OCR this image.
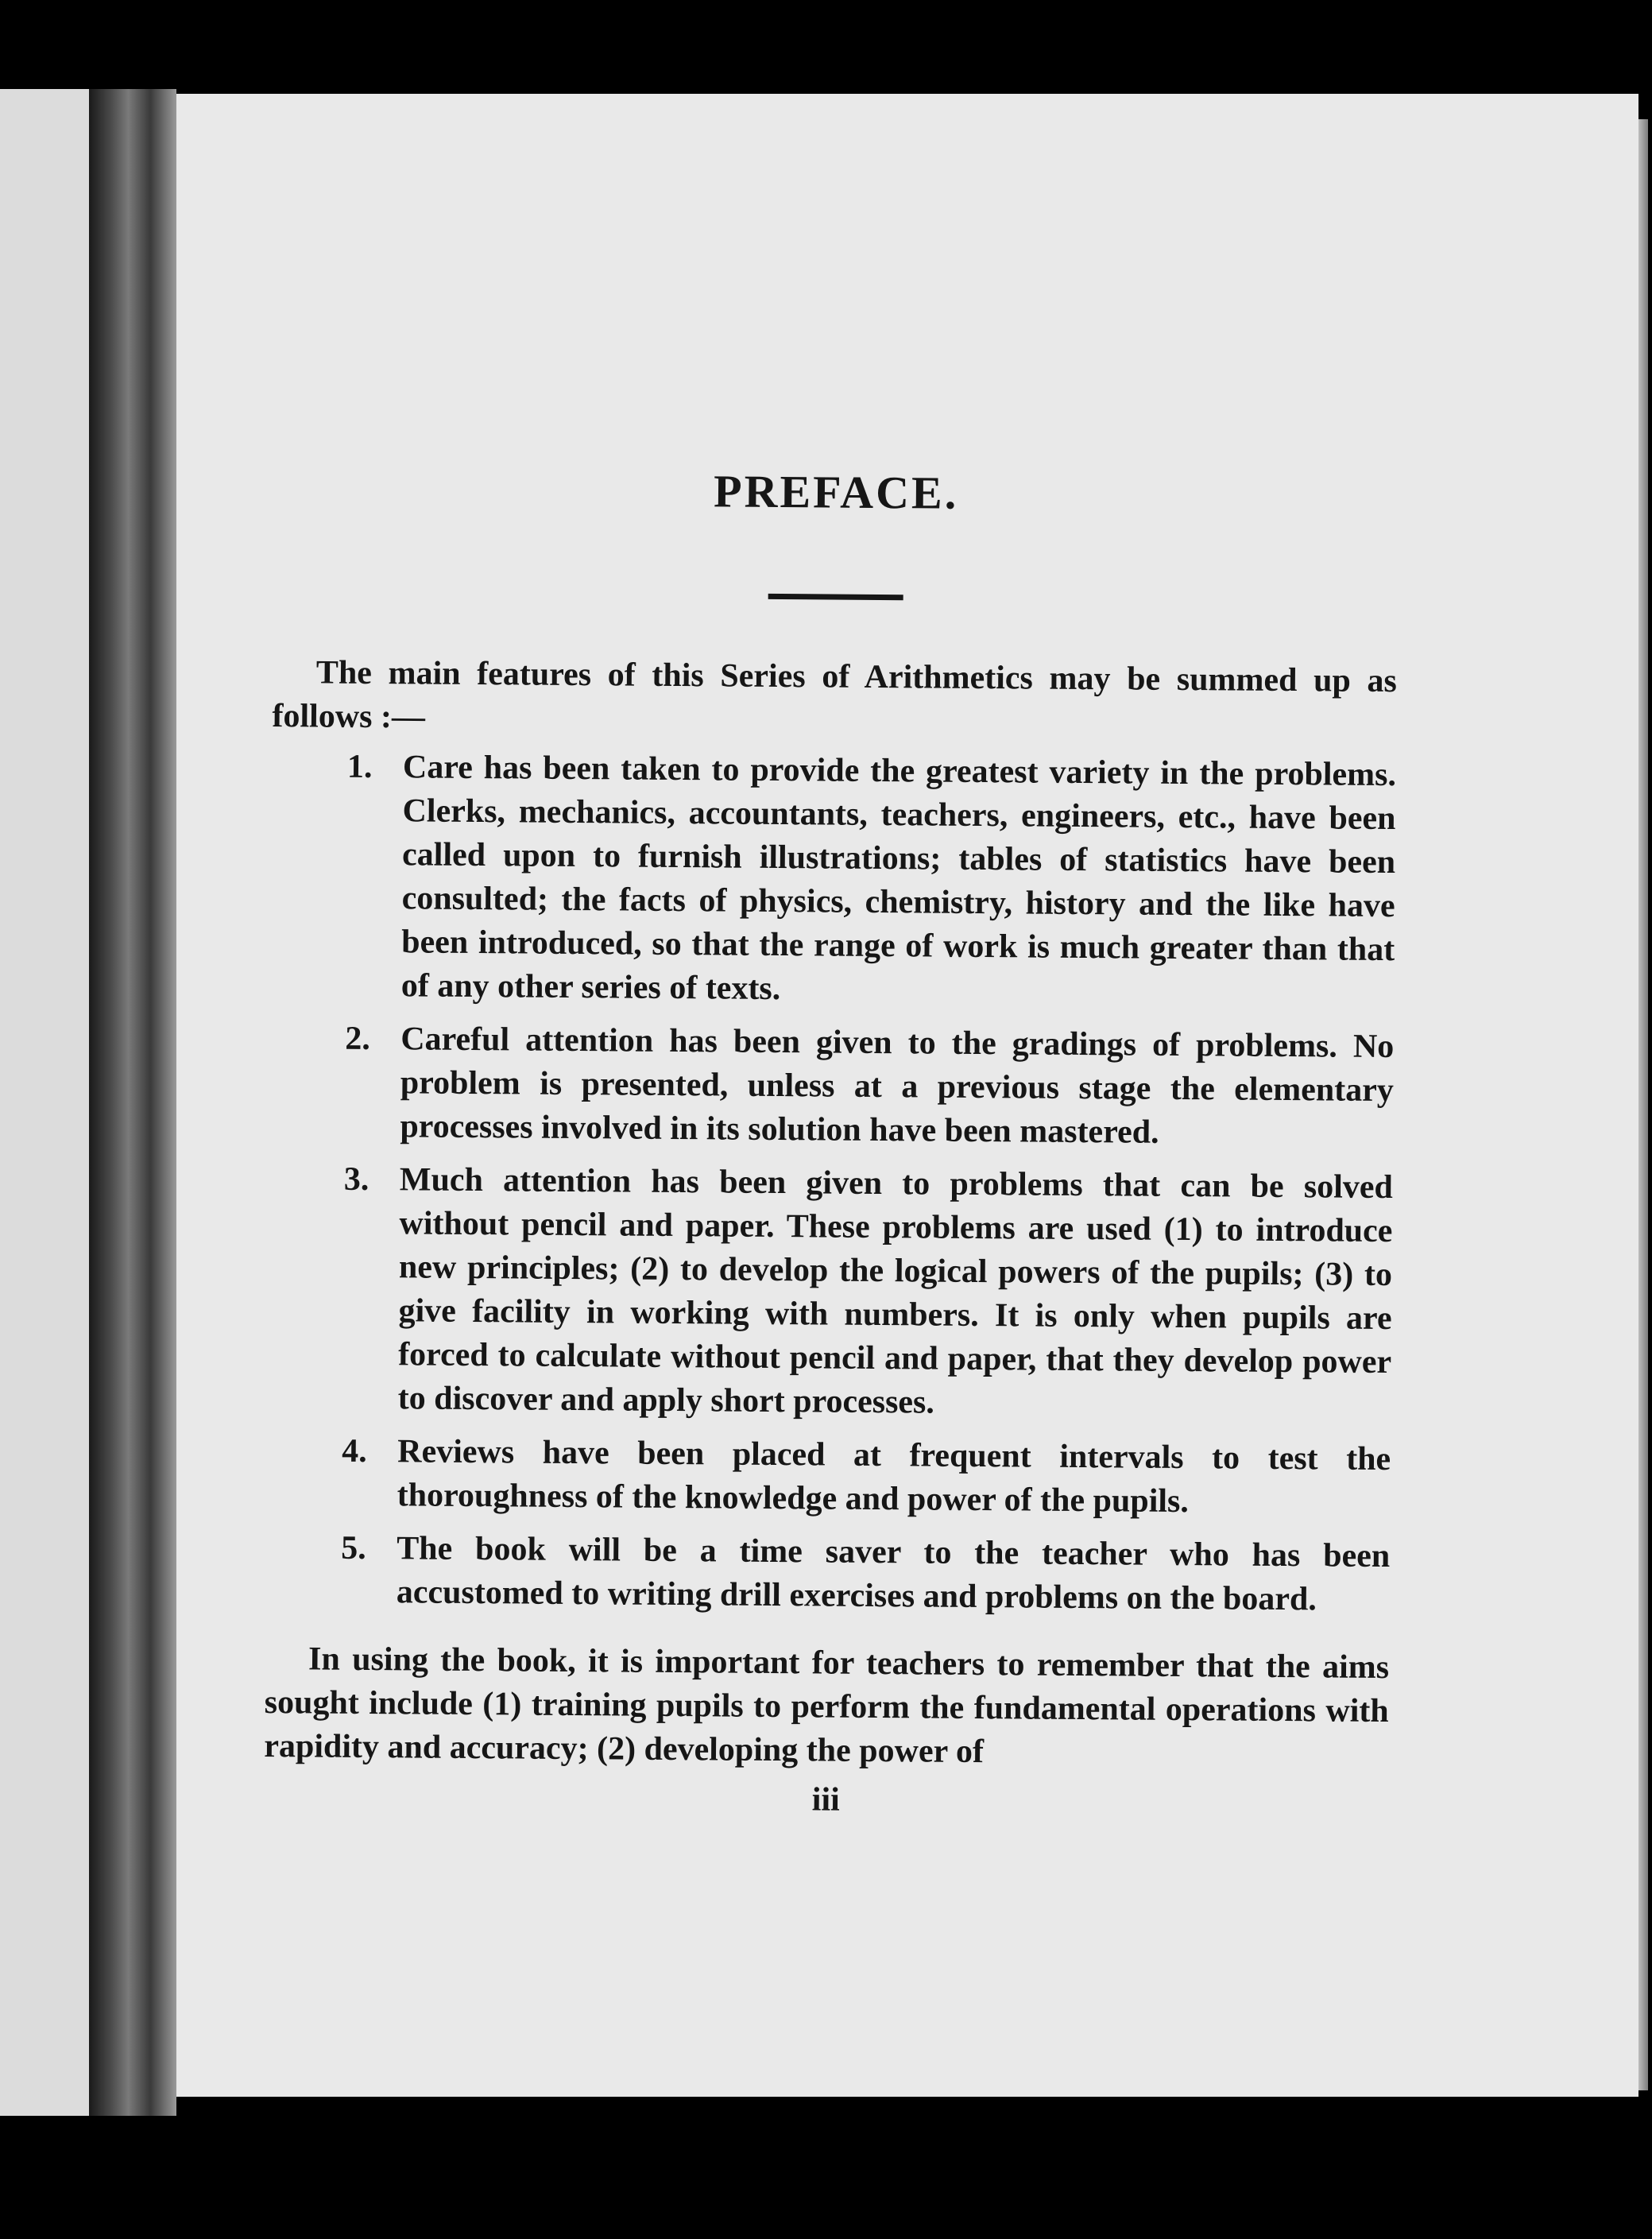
PREFACE.

The main features of this Series of Arithmetics may be summed up as follows :—

1. Care has been taken to provide the greatest variety in the problems. Clerks, mechanics, accountants, teachers, engineers, etc., have been called upon to furnish illustrations; tables of statistics have been consulted; the facts of physics, chemistry, history and the like have been introduced, so that the range of work is much greater than that of any other series of texts.
2. Careful attention has been given to the gradings of problems. No problem is presented, unless at a previous stage the elementary processes involved in its solution have been mastered.
3. Much attention has been given to problems that can be solved without pencil and paper. These problems are used (1) to introduce new principles; (2) to develop the logical powers of the pupils; (3) to give facility in working with numbers. It is only when pupils are forced to calculate without pencil and paper, that they develop power to discover and apply short processes.
4. Reviews have been placed at frequent intervals to test the thoroughness of the knowledge and power of the pupils.
5. The book will be a time saver to the teacher who has been accustomed to writing drill exercises and problems on the board.

In using the book, it is important for teachers to remember that the aims sought include (1) training pupils to perform the fundamental operations with rapidity and accuracy; (2) developing the power of

iii
